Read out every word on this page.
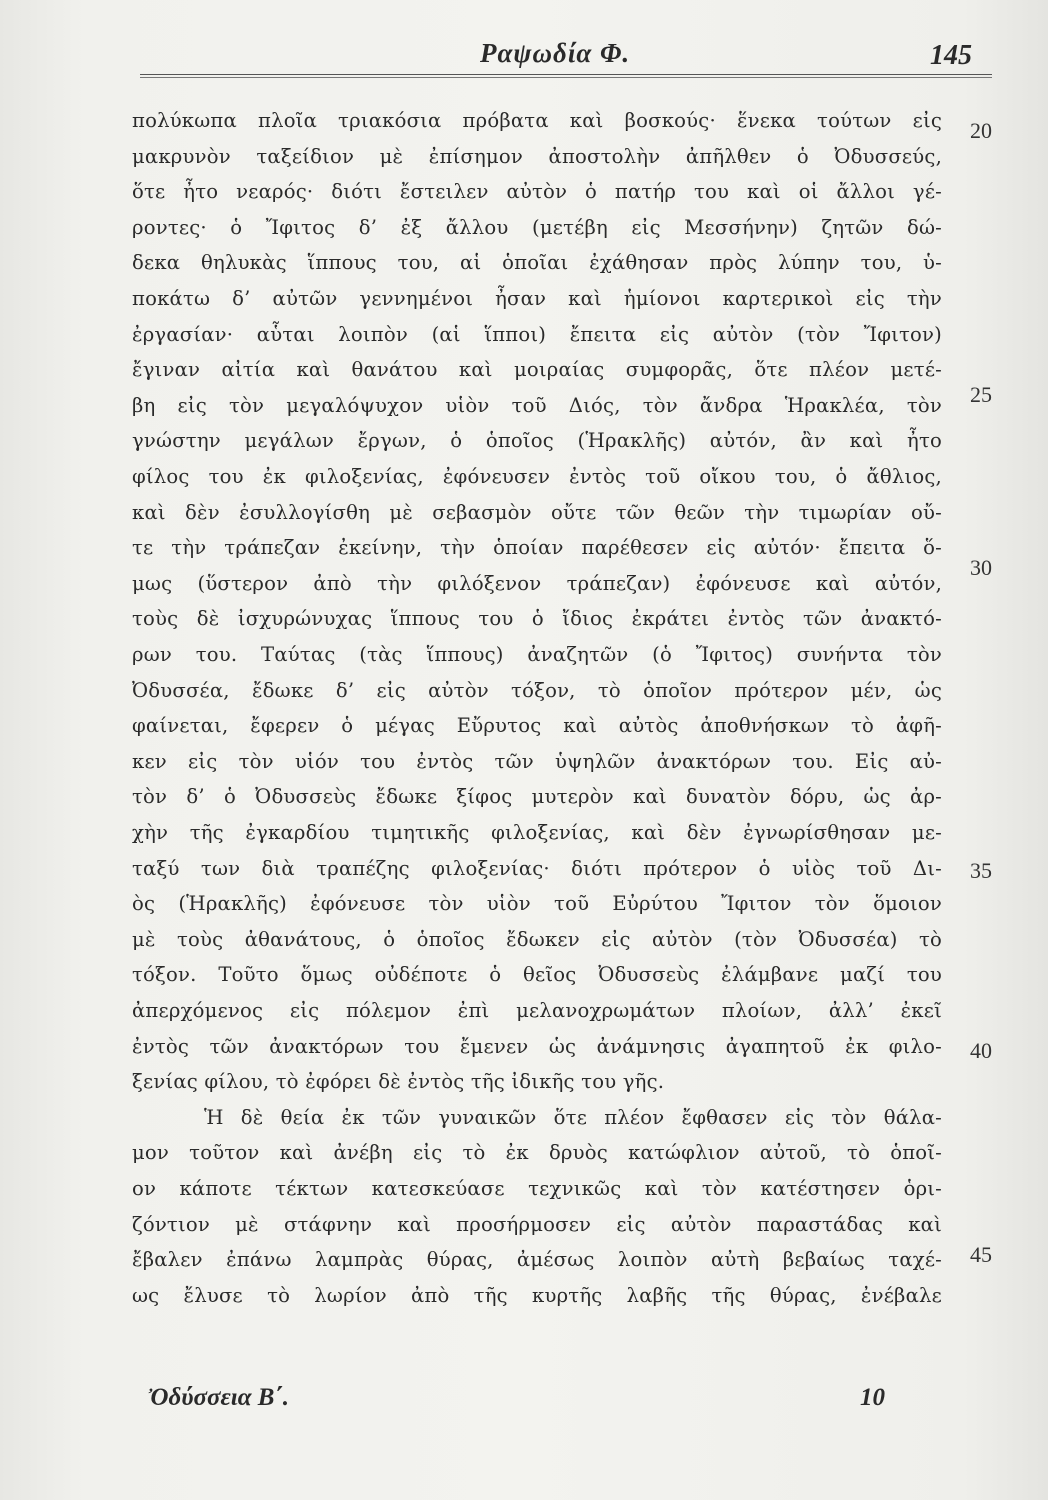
Ραψωδία Φ.	145
πολύκωπα πλοῖα τριακόσια πρόβατα καὶ βοσκούς· ἕνεκα τούτων εἰς
μακρυνὸν ταξείδιον μὲ ἐπίσημον ἀποστολὴν ἀπῆλθεν ὁ Ὀδυσσεύς,
ὅτε ἦτο νεαρός· διότι ἔστειλεν αὐτὸν ὁ πατήρ του καὶ οἱ ἄλλοι γέ-
ροντες· ὁ Ἴφιτος δ’ ἐξ ἄλλου (μετέβη εἰς Μεσσήνην) ζητῶν δώ-
δεκα θηλυκὰς ἵππους του, αἱ ὁποῖαι ἐχάθησαν πρὸς λύπην του, ὑ-
ποκάτω δ’ αὐτῶν γεννημένοι ἦσαν καὶ ἡμίονοι καρτερικοὶ εἰς τὴν
ἐργασίαν· αὗται λοιπὸν (αἱ ἵπποι) ἔπειτα εἰς αὐτὸν (τὸν Ἴφιτον)
ἔγιναν αἰτία καὶ θανάτου καὶ μοιραίας συμφορᾶς, ὅτε πλέον μετέ-
βη εἰς τὸν μεγαλόψυχον υἱὸν τοῦ Διός, τὸν ἄνδρα Ἡρακλέα, τὸν
γνώστην μεγάλων ἔργων, ὁ ὁποῖος (Ἡρακλῆς) αὐτόν, ἂν καὶ ἦτο
φίλος του ἐκ φιλοξενίας, ἐφόνευσεν ἐντὸς τοῦ οἴκου του, ὁ ἄθλιος,
καὶ δὲν ἐσυλλογίσθη μὲ σεβασμὸν οὔτε τῶν θεῶν τὴν τιμωρίαν οὔ-
τε τὴν τράπεζαν ἐκείνην, τὴν ὁποίαν παρέθεσεν εἰς αὐτόν· ἔπειτα ὅ-
μως (ὕστερον ἀπὸ τὴν φιλόξενον τράπεζαν) ἐφόνευσε καὶ αὐτόν,
τοὺς δὲ ἰσχυρώνυχας ἵππους του ὁ ἴδιος ἐκράτει ἐντὸς τῶν ἀνακτό-
ρων του. Ταύτας (τὰς ἵππους) ἀναζητῶν (ὁ Ἴφιτος) συνήντα τὸν
Ὀδυσσέα, ἔδωκε δ’ εἰς αὐτὸν τόξον, τὸ ὁποῖον πρότερον μέν, ὡς
φαίνεται, ἔφερεν ὁ μέγας Εὔρυτος καὶ αὐτὸς ἀποθνήσκων τὸ ἀφῆ-
κεν εἰς τὸν υἱόν του ἐντὸς τῶν ὑψηλῶν ἀνακτόρων του. Εἰς αὐ-
τὸν δ’ ὁ Ὀδυσσεὺς ἔδωκε ξίφος μυτερὸν καὶ δυνατὸν δόρυ, ὡς ἀρ-
χὴν τῆς ἐγκαρδίου τιμητικῆς φιλοξενίας, καὶ δὲν ἐγνωρίσθησαν με-
ταξύ των διὰ τραπέζης φιλοξενίας· διότι πρότερον ὁ υἱὸς τοῦ Δι-
ὸς (Ἡρακλῆς) ἐφόνευσε τὸν υἱὸν τοῦ Εὐρύτου Ἴφιτον τὸν ὅμοιον
μὲ τοὺς ἀθανάτους, ὁ ὁποῖος ἔδωκεν εἰς αὐτὸν (τὸν Ὀδυσσέα) τὸ
τόξον. Τοῦτο ὅμως οὐδέποτε ὁ θεῖος Ὀδυσσεὺς ἐλάμβανε μαζί του
ἀπερχόμενος εἰς πόλεμον ἐπὶ μελανοχρωμάτων πλοίων, ἀλλ’ ἐκεῖ
ἐντὸς τῶν ἀνακτόρων του ἔμενεν ὡς ἀνάμνησις ἀγαπητοῦ ἐκ φιλο-
ξενίας φίλου, τὸ ἐφόρει δὲ ἐντὸς τῆς ἰδικῆς του γῆς.
Ἡ δὲ θεία ἐκ τῶν γυναικῶν ὅτε πλέον ἔφθασεν εἰς τὸν θάλα-
μον τοῦτον καὶ ἀνέβη εἰς τὸ ἐκ δρυὸς κατώφλιον αὐτοῦ, τὸ ὁποῖ-
ον κάποτε τέκτων κατεσκεύασε τεχνικῶς καὶ τὸν κατέστησεν ὁρι-
ζόντιον μὲ στάφνην καὶ προσήρμοσεν εἰς αὐτὸν παραστάδας καὶ
ἔβαλεν ἐπάνω λαμπρὰς θύρας, ἀμέσως λοιπὸν αὐτὴ βεβαίως ταχέ-
ως ἔλυσε τὸ λωρίον ἀπὸ τῆς κυρτῆς λαβῆς τῆς θύρας, ἐνέβαλε
20
25
30
35
40
45
Ὀδύσσεια Β΄.	10
